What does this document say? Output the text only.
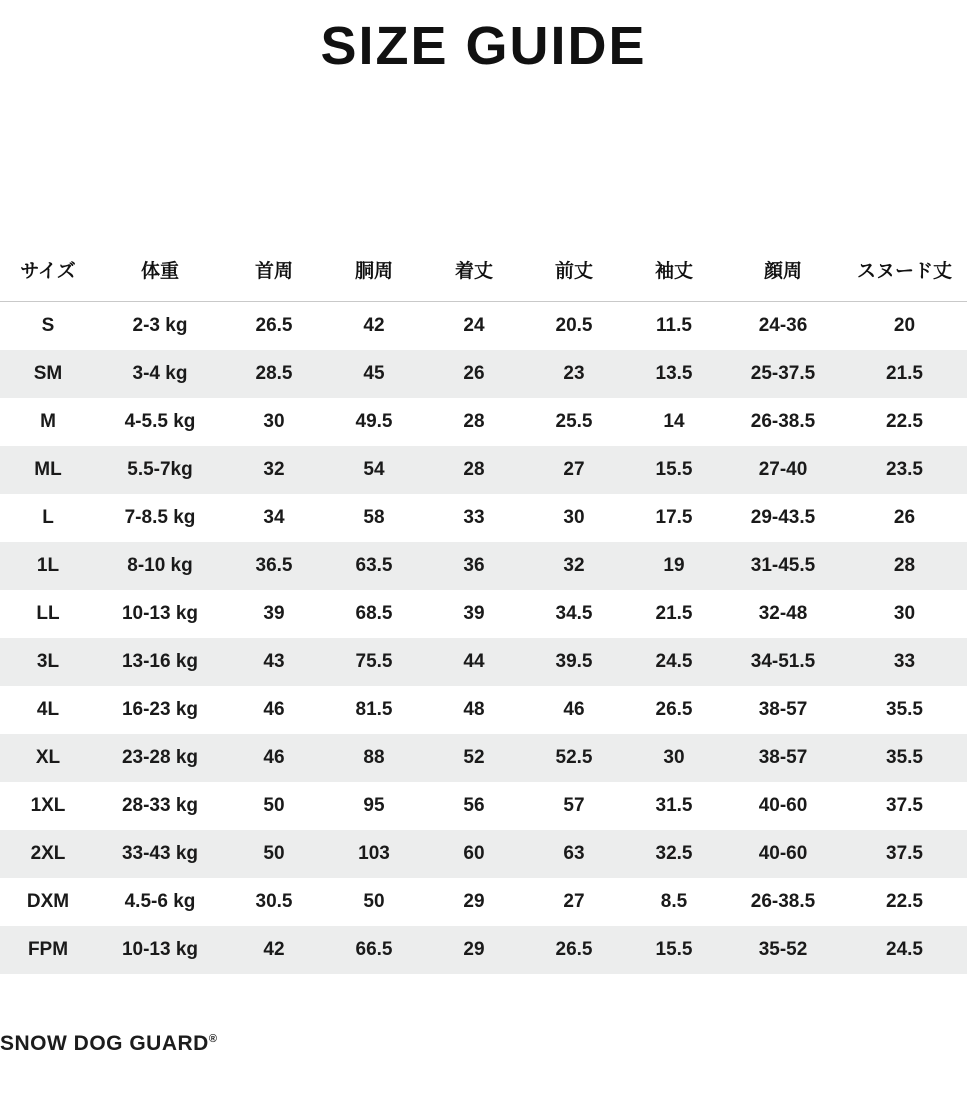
SIZE GUIDE
サイズ	体重	首周	胴周	着丈	前丈	袖丈	顔周	スヌード丈
S	2-3 kg	26.5	42	24	20.5	11.5	24-36	20
SM	3-4 kg	28.5	45	26	23	13.5	25-37.5	21.5
M	4-5.5 kg	30	49.5	28	25.5	14	26-38.5	22.5
ML	5.5-7kg	32	54	28	27	15.5	27-40	23.5
L	7-8.5 kg	34	58	33	30	17.5	29-43.5	26
1L	8-10 kg	36.5	63.5	36	32	19	31-45.5	28
LL	10-13 kg	39	68.5	39	34.5	21.5	32-48	30
3L	13-16 kg	43	75.5	44	39.5	24.5	34-51.5	33
4L	16-23 kg	46	81.5	48	46	26.5	38-57	35.5
XL	23-28 kg	46	88	52	52.5	30	38-57	35.5
1XL	28-33 kg	50	95	56	57	31.5	40-60	37.5
2XL	33-43 kg	50	103	60	63	32.5	40-60	37.5
DXM	4.5-6 kg	30.5	50	29	27	8.5	26-38.5	22.5
FPM	10-13 kg	42	66.5	29	26.5	15.5	35-52	24.5
SNOW DOG GUARD®
